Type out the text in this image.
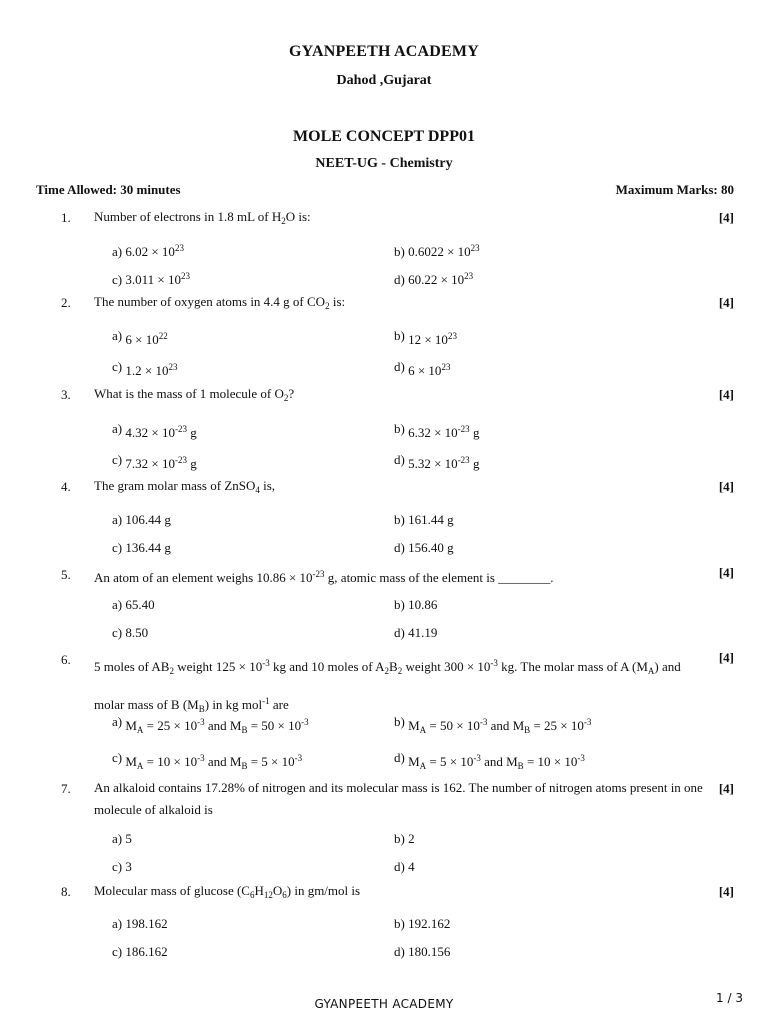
GYANPEETH ACADEMY
Dahod ,Gujarat
MOLE CONCEPT DPP01
NEET-UG - Chemistry
Time Allowed: 30 minutes	Maximum Marks: 80
1. Number of electrons in 1.8 mL of $H_2O$ is:	[4]
a) $6.02 \times 10^{23}$	b) $0.6022 \times 10^{23}$
c) $3.011 \times 10^{23}$	d) $60.22 \times 10^{23}$
2. The number of oxygen atoms in 4.4 g of $CO_2$ is:	[4]
a) $6 \times 10^{22}$	b) $12 \times 10^{23}$
c) $1.2 \times 10^{23}$	d) $6 \times 10^{23}$
3. What is the mass of 1 molecule of $O_2$?	[4]
a) $4.32 \times 10^{-23}$ g	b) $6.32 \times 10^{-23}$ g
c) $7.32 \times 10^{-23}$ g	d) $5.32 \times 10^{-23}$ g
4. The gram molar mass of ZnSO$_4$ is,	[4]
a) 106.44 g	b) 161.44 g
c) 136.44 g	d) 156.40 g
5. An atom of an element weighs $10.86 \times 10^{-23}$ g, atomic mass of the element is ________.	[4]
a) 65.40	b) 10.86
c) 8.50	d) 41.19
6. 5 moles of $AB_2$ weight $125 \times 10^{-3}$ kg and 10 moles of $A_2B_2$ weight $300 \times 10^{-3}$ kg. The molar mass of A $(M_A)$ and molar mass of B $(M_B)$ in kg mol$^{-1}$ are
[4]
a) $M_A = 25 \times 10^{-3}$ and $M_B = 50 \times 10^{-3}$	b) $M_A = 50 \times 10^{-3}$ and $M_B = 25 \times 10^{-3}$
c) $M_A = 10 \times 10^{-3}$ and $M_B = 5 \times 10^{-3}$	d) $M_A = 5 \times 10^{-3}$ and $M_B = 10 \times 10^{-3}$
7. An alkaloid contains 17.28% of nitrogen and its molecular mass is 162. The number of nitrogen atoms present in one molecule of alkaloid is
[4]
a) 5	b) 2
c) 3	d) 4
8. Molecular mass of glucose $(C_6H_{12}O_6)$ in gm/mol is	[4]
a) 198.162	b) 192.162
c) 186.162	d) 180.156
GYANPEETH ACADEMY	1 / 3
